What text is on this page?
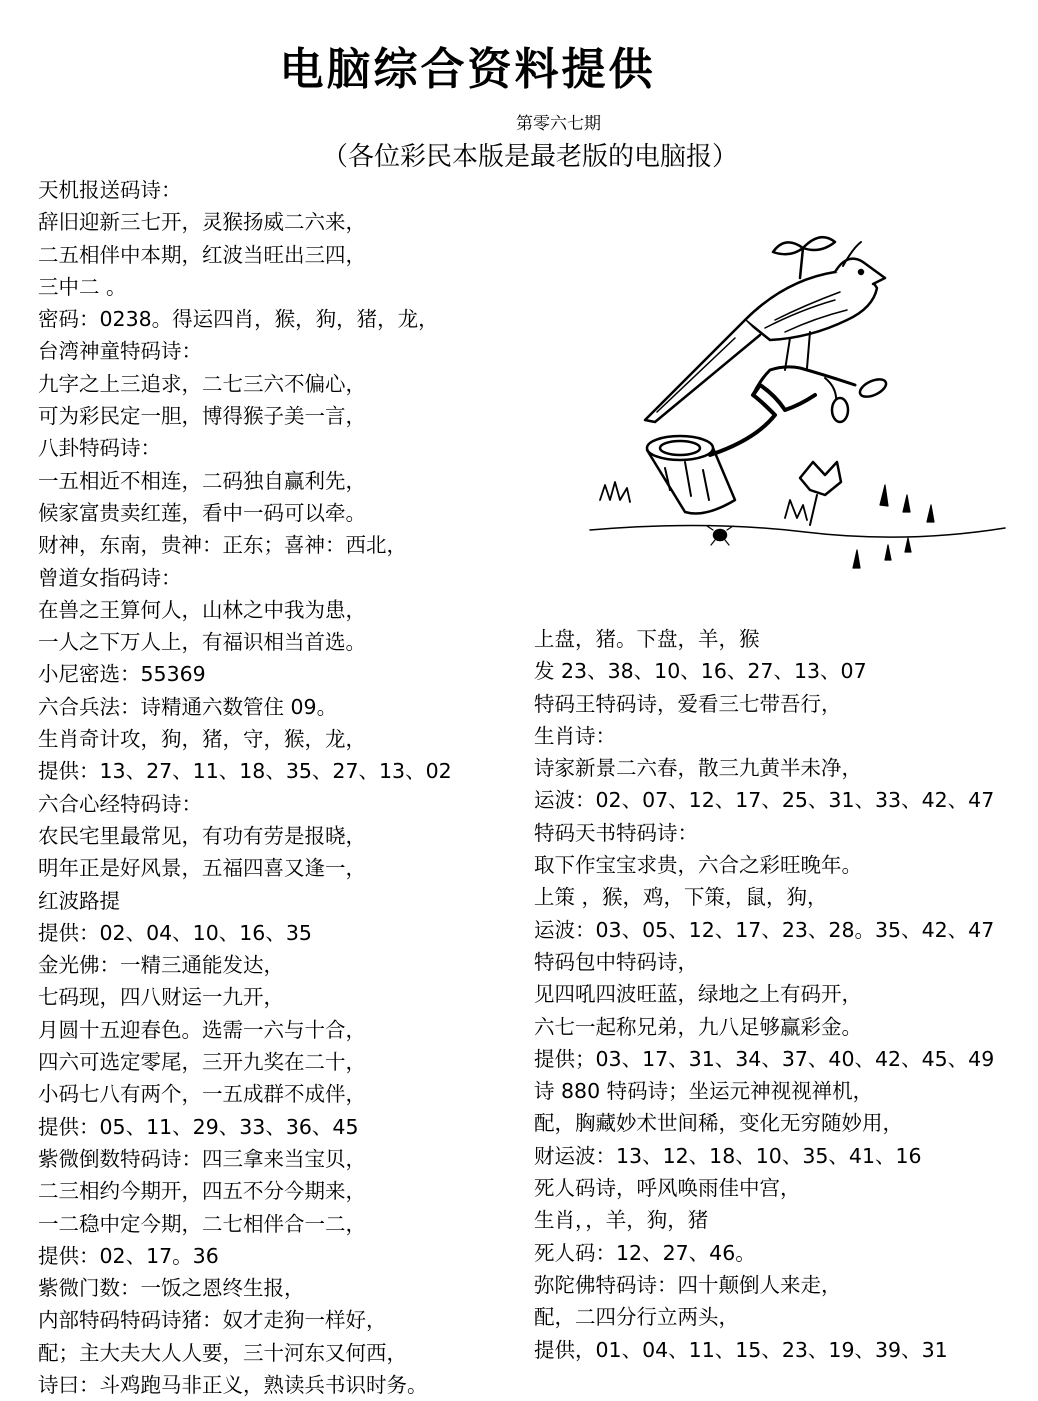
电脑综合资料提供
第零六七期
（各位彩民本版是最老版的电脑报）
天机报送码诗：
辞旧迎新三七开，灵猴扬威二六来，
二五相伴中本期，红波当旺出三四，
三中二 。
密码：0238。得运四肖，猴，狗，猪，龙，
台湾神童特码诗：
九字之上三追求，二七三六不偏心，
可为彩民定一胆，博得猴子美一言，
八卦特码诗：
一五相近不相连，二码独自赢利先，
候家富贵卖红莲，看中一码可以牵。
财神，东南，贵神：正东；喜神：西北，
曾道女指码诗：
在兽之王算何人，山林之中我为患，
一人之下万人上，有福识相当首选。
小尼密选：55369
六合兵法：诗精通六数管住 09。
生肖奇计攻，狗，猪，守，猴，龙，
提供：13、27、11、18、35、27、13、02
六合心经特码诗：
农民宅里最常见，有功有劳是报晓，
明年正是好风景，五福四喜又逢一，
红波路提
提供：02、04、10、16、35
金光佛：一精三通能发达，
七码现，四八财运一九开，
月圆十五迎春色。选需一六与十合，
四六可选定零尾，三开九奖在二十，
小码七八有两个，一五成群不成伴，
提供：05、11、29、33、36、45
紫微倒数特码诗：四三拿来当宝贝，
二三相约今期开，四五不分今期来，
一二稳中定今期，二七相伴合一二，
提供：02、17。36
紫微门数：一饭之恩终生报，
内部特码特码诗猪：奴才走狗一样好，
配；主大夫大人人要，三十河东又何西，
诗曰：斗鸡跑马非正义，熟读兵书识时务。
上盘，猪。下盘，羊，猴
发 23、38、10、16、27、13、07
特码王特码诗，爱看三七带吾行，
生肖诗：
诗家新景二六春，散三九黄半未净，
运波：02、07、12、17、25、31、33、42、47
特码天书特码诗：
取下作宝宝求贵，六合之彩旺晚年。
上策 ，猴，鸡，下策，鼠，狗，
运波：03、05、12、17、23、28。35、42、47
特码包中特码诗，
见四吼四波旺蓝，绿地之上有码开，
六七一起称兄弟，九八足够赢彩金。
提供；03、17、31、34、37、40、42、45、49
诗 880 特码诗；坐运元神视视禅机，
配，胸藏妙术世间稀，变化无穷随妙用，
财运波：13、12、18、10、35、41、16
死人码诗，呼风唤雨佳中宫，
生肖，，羊，狗，猪
死人码：12、27、46。
弥陀佛特码诗：四十颠倒人来走，
配，二四分行立两头，
提供，01、04、11、15、23、19、39、31
